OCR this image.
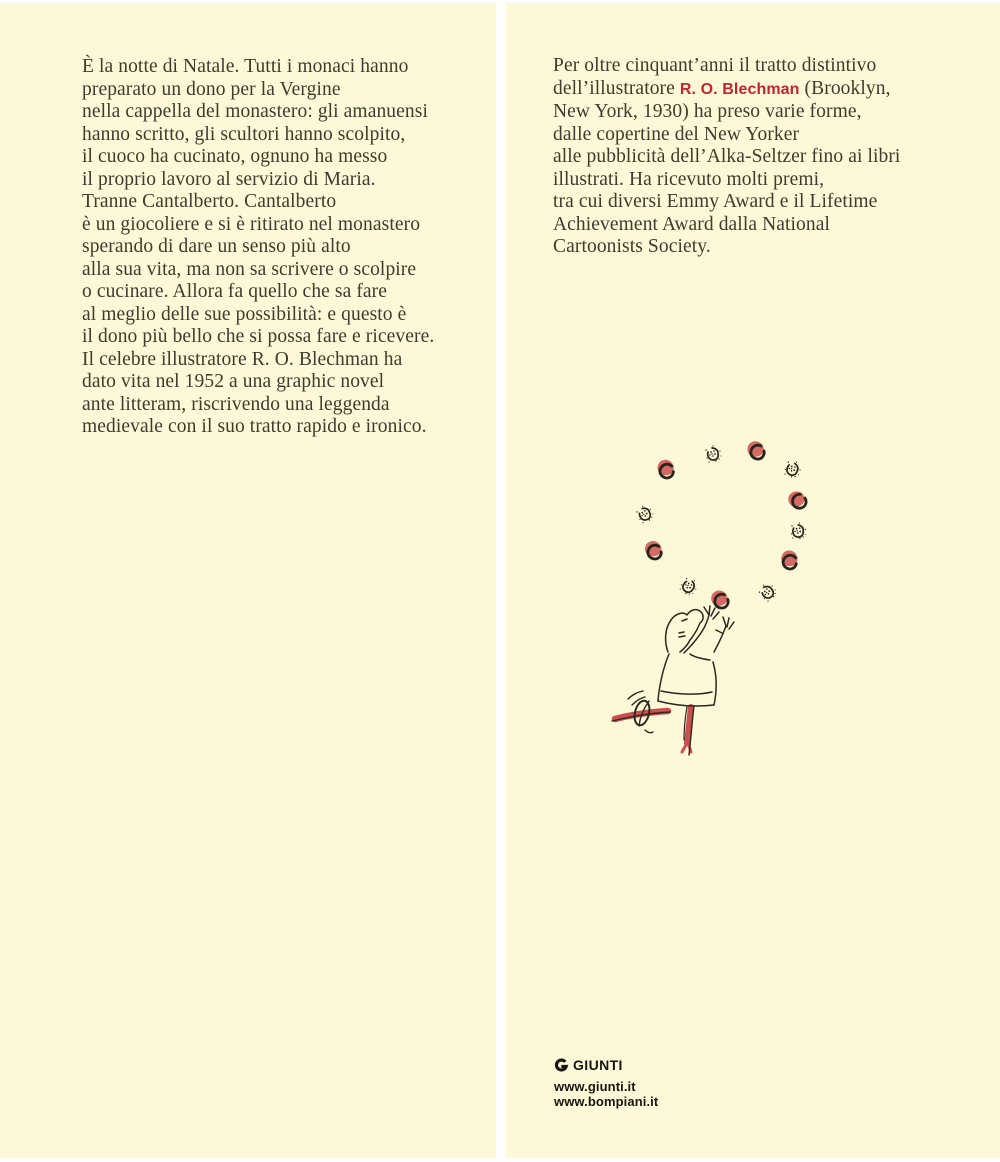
È la notte di Natale. Tutti i monaci hanno
preparato un dono per la Vergine
nella cappella del monastero: gli amanuensi
hanno scritto, gli scultori hanno scolpito,
il cuoco ha cucinato, ognuno ha messo
il proprio lavoro al servizio di Maria.
Tranne Cantalberto. Cantalberto
è un giocoliere e si è ritirato nel monastero
sperando di dare un senso più alto
alla sua vita, ma non sa scrivere o scolpire
o cucinare. Allora fa quello che sa fare
al meglio delle sue possibilità: e questo è
il dono più bello che si possa fare e ricevere.
Il celebre illustratore R. O. Blechman ha
dato vita nel 1952 a una graphic novel
ante litteram, riscrivendo una leggenda
medievale con il suo tratto rapido e ironico.
Per oltre cinquant’anni il tratto distintivo
dell’illustratore R. O. Blechman (Brooklyn,
New York, 1930) ha preso varie forme,
dalle copertine del New Yorker
alle pubblicità dell’Alka-Seltzer fino ai libri
illustrati. Ha ricevuto molti premi,
tra cui diversi Emmy Award e il Lifetime
Achievement Award dalla National
Cartoonists Society.
GIUNTI
www.giunti.it
www.bompiani.it
